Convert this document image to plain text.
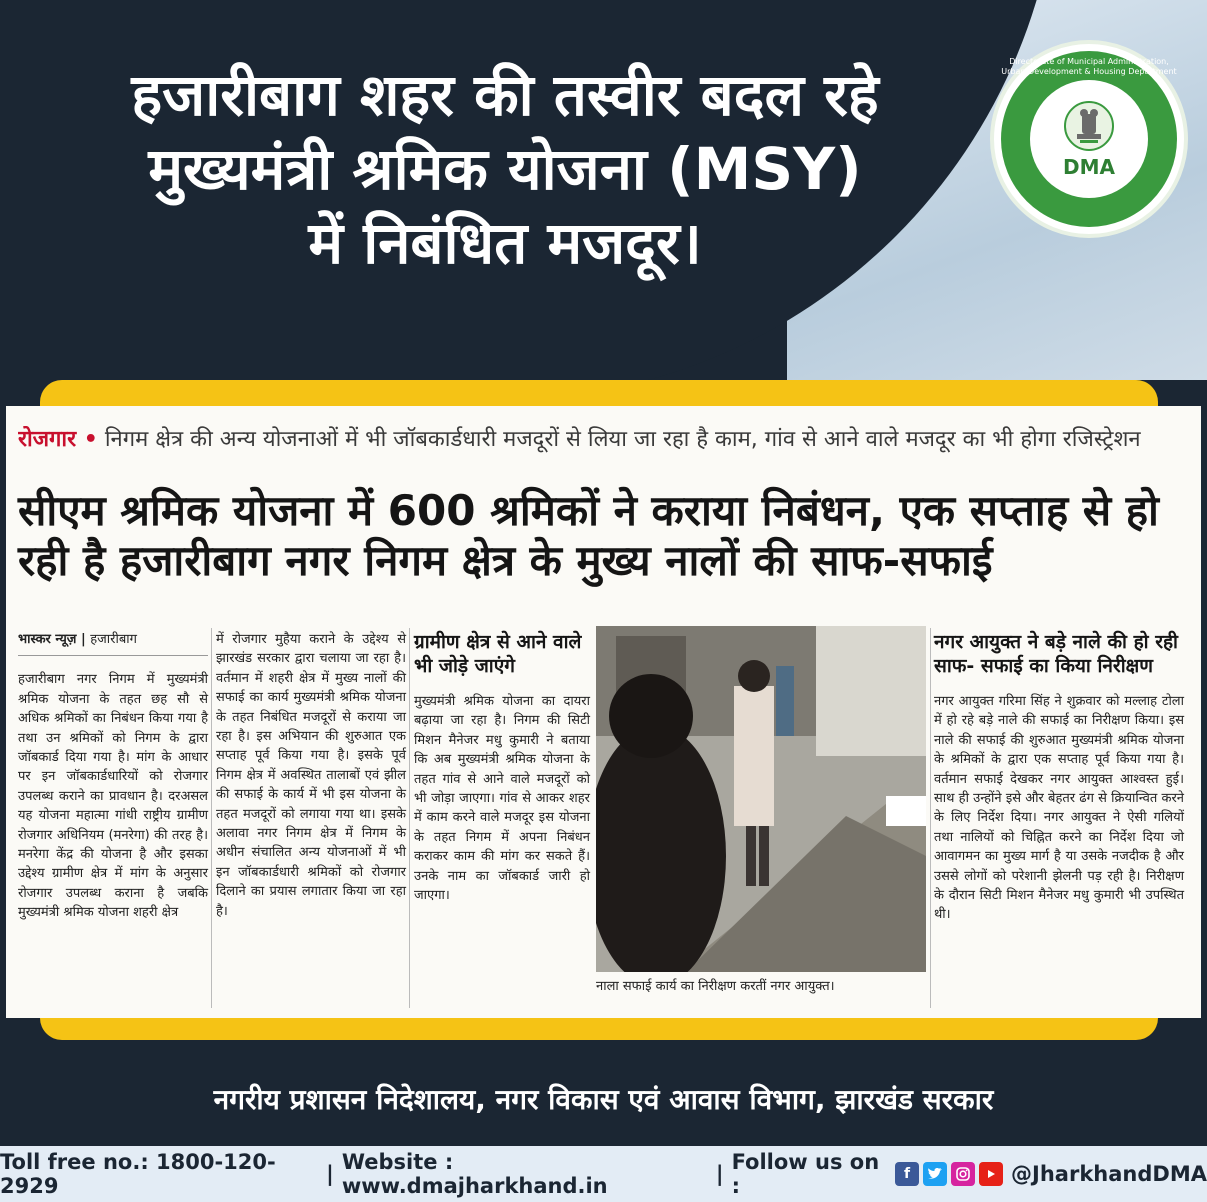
हजारीबाग शहर की तस्वीर बदल रहे
मुख्यमंत्री श्रमिक योजना (MSY)
में निबंधित मजदूर।
Directorate of Municipal Administration, Urban Development & Housing Department
DMA
रोजगार • निगम क्षेत्र की अन्य योजनाओं में भी जॉबकार्डधारी मजदूरों से लिया जा रहा है काम, गांव से आने वाले मजदूर का भी होगा रजिस्ट्रेशन
सीएम श्रमिक योजना में 600 श्रमिकों ने कराया निबंधन, एक सप्ताह से हो रही है हजारीबाग नगर निगम क्षेत्र के मुख्य नालों की साफ-सफाई
भास्कर न्यूज़ | हजारीबाग

हजारीबाग नगर निगम में मुख्यमंत्री श्रमिक योजना के तहत छह सौ से अधिक श्रमिकों का निबंधन किया गया है तथा उन श्रमिकों को निगम के द्वारा जॉबकार्ड दिया गया है। मांग के आधार पर इन जॉबकार्डधारियों को रोजगार उपलब्ध कराने का प्रावधान है। दरअसल यह योजना महात्मा गांधी राष्ट्रीय ग्रामीण रोजगार अधिनियम (मनरेगा) की तरह है। मनरेगा केंद्र की योजना है और इसका उद्देश्य ग्रामीण क्षेत्र में मांग के अनुसार रोजगार उपलब्ध कराना है जबकि मुख्यमंत्री श्रमिक योजना शहरी क्षेत्र

में रोजगार मुहैया कराने के उद्देश्य से झारखंड सरकार द्वारा चलाया जा रहा है। वर्तमान में शहरी क्षेत्र में मुख्य नालों की सफाई का कार्य मुख्यमंत्री श्रमिक योजना के तहत निबंधित मजदूरों से कराया जा रहा है। इस अभियान की शुरुआत एक सप्ताह पूर्व किया गया है। इसके पूर्व निगम क्षेत्र में अवस्थित तालाबों एवं झील की सफाई के कार्य में भी इस योजना के तहत मजदूरों को लगाया गया था। इसके अलावा नगर निगम क्षेत्र में निगम के अधीन संचालित अन्य योजनाओं में भी इन जॉबकार्डधारी श्रमिकों को रोजगार दिलाने का प्रयास लगातार किया जा रहा है।

ग्रामीण क्षेत्र से आने वाले भी जोड़े जाएंगे

मुख्यमंत्री श्रमिक योजना का दायरा बढ़ाया जा रहा है। निगम की सिटी मिशन मैनेजर मधु कुमारी ने बताया कि अब मुख्यमंत्री श्रमिक योजना के तहत गांव से आने वाले मजदूरों को भी जोड़ा जाएगा। गांव से आकर शहर में काम करने वाले मजदूर इस योजना के तहत निगम में अपना निबंधन कराकर काम की मांग कर सकते हैं। उनके नाम का जॉबकार्ड जारी हो जाएगा।

नाला सफाई कार्य का निरीक्षण करतीं नगर आयुक्त।
नगर आयुक्त ने बड़े नाले की हो रही साफ- सफाई का किया निरीक्षण

नगर आयुक्त गरिमा सिंह ने शुक्रवार को मल्लाह टोला में हो रहे बड़े नाले की सफाई का निरीक्षण किया। इस नाले की सफाई की शुरुआत मुख्यमंत्री श्रमिक योजना के श्रमिकों के द्वारा एक सप्ताह पूर्व किया गया है। वर्तमान सफाई देखकर नगर आयुक्त आश्वस्त हुई। साथ ही उन्होंने इसे और बेहतर ढंग से क्रियान्वित करने के लिए निर्देश दिया। नगर आयुक्त ने ऐसी गलियों तथा नालियों को चिह्नित करने का निर्देश दिया जो आवागमन का मुख्य मार्ग है या उसके नजदीक है और उससे लोगों को परेशानी झेलनी पड़ रही है। निरीक्षण के दौरान सिटी मिशन मैनेजर मधु कुमारी भी उपस्थित थी।

नगरीय प्रशासन निदेशालय, नगर विकास एवं आवास विभाग, झारखंड सरकार
Toll free no.: 1800-120-2929	| Website : www.dmajharkhand.in	| Follow us on :	f	@JharkhandDMA
